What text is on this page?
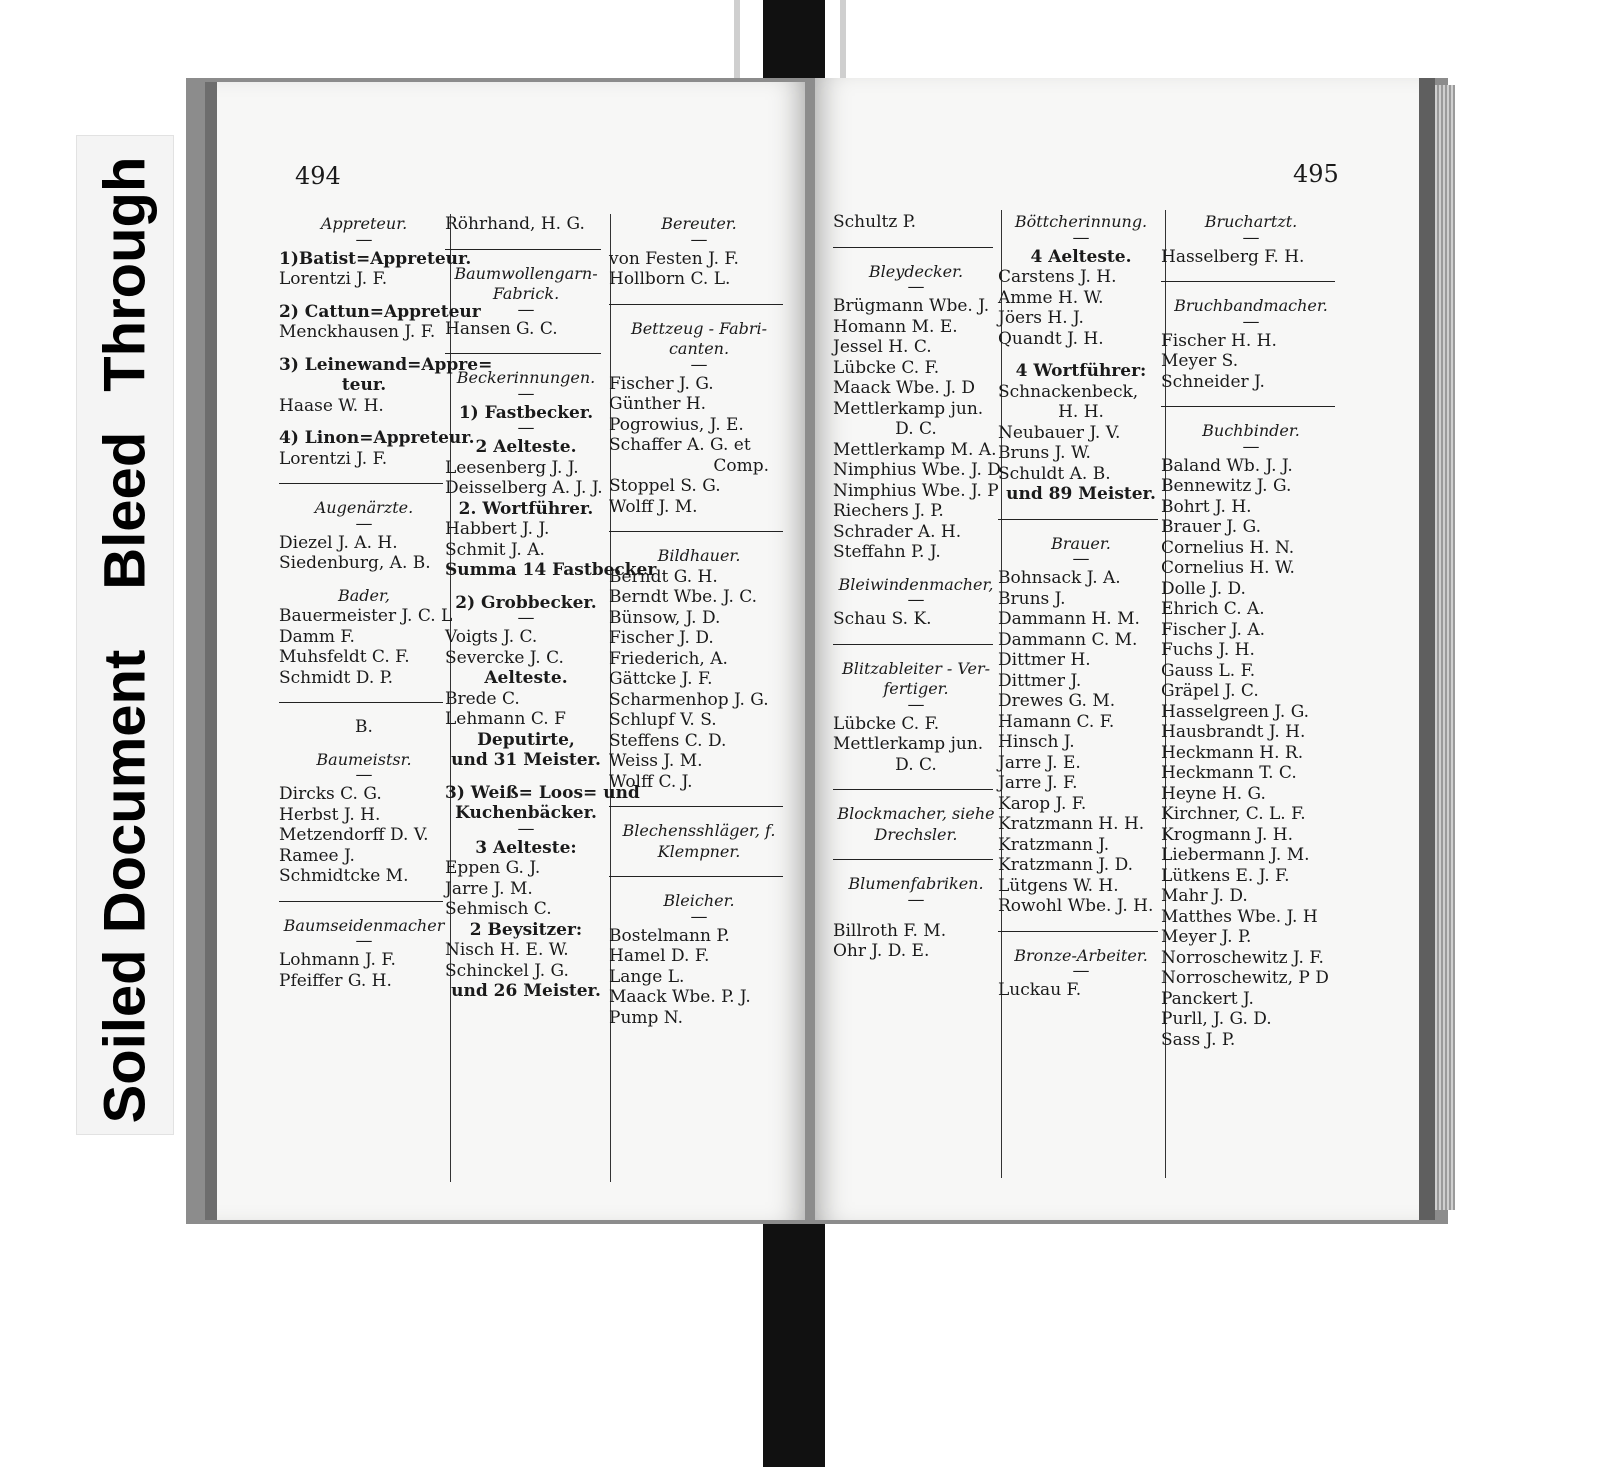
Soiled DocumentBleedThrough	494
Appreteur.
—
1)Batist=Appreteur.
Lorentzi J. F.
2) Cattun=Appreteur
Menckhausen J. F.
3) Leinewand=Appre=
teur.
Haase W. H.
4) Linon=Appreteur.
Lorentzi J. F.
Augenärzte.
—
Diezel J. A. H.
Siedenburg, A. B.
Bader,
Bauermeister J. C. L
Damm F.
Muhsfeldt C. F.
Schmidt D. P.
B.
Baumeistsr.
—
Dircks C. G.
Herbst J. H.
Metzendorff D. V.
Ramee J.
Schmidtcke M.
Baumseidenmacher
—
Lohmann J. F.
Pfeiffer G. H.
Röhrhand, H. G.
Baumwollengarn-
Fabrick.
—
Hansen G. C.
Beckerinnungen.
—
1) Fastbecker.
—
2 Aelteste.
Leesenberg J. J.
Deisselberg A. J. J.
2. Wortführer.
Habbert J. J.
Schmit J. A.
Summa 14 Fastbecker
2) Grobbecker.
—
Voigts J. C.
Severcke J. C.
Aelteste.
Brede C.
Lehmann C. F
Deputirte,
und 31 Meister.
3) Weiß= Loos= und
Kuchenbäcker.
—
3 Aelteste:
Eppen G. J.
Jarre J. M.
Sehmisch C.
2 Beysitzer:
Nisch H. E. W.
Schinckel J. G.
und 26 Meister.
Bereuter.
—
von Festen J. F.
Hollborn C. L.
Bettzeug - Fabri-
canten.
—
Fischer J. G.
Günther H.
Pogrowius, J. E.
Schaffer A. G. et
Comp.
Stoppel S. G.
Wolff J. M.
Bildhauer.
Berndt G. H.
Berndt Wbe. J. C.
Bünsow, J. D.
Fischer J. D.
Friederich, A.
Gättcke J. F.
Scharmenhop J. G.
Schlupf V. S.
Steffens C. D.
Weiss J. M.
Wolff C. J.
Blechensshläger, f.
Klempner.
Bleicher.
—
Bostelmann P.
Hamel D. F.
Lange L.
Maack Wbe. P. J.
Pump N.
495
Schultz P.
Bleydecker.
—
Brügmann Wbe. J.
Homann M. E.
Jessel H. C.
Lübcke C. F.
Maack Wbe. J. D
Mettlerkamp jun.
D. C.
Mettlerkamp M. A.
Nimphius Wbe. J. D
Nimphius Wbe. J. P
Riechers J. P.
Schrader A. H.
Steffahn P. J.
Bleiwindenmacher,
—
Schau S. K.
Blitzableiter - Ver-
fertiger.
—
Lübcke C. F.
Mettlerkamp jun.
D. C.
Blockmacher, siehe
Drechsler.
Blumenfabriken.
—
Billroth F. M.
Ohr J. D. E.
Böttcherinnung.
—
4 Aelteste.
Carstens J. H.
Amme H. W.
Jöers H. J.
Quandt J. H.
4 Wortführer:
Schnackenbeck,
H. H.
Neubauer J. V.
Bruns J. W.
Schuldt A. B.
und 89 Meister.
Brauer.
—
Bohnsack J. A.
Bruns J.
Dammann H. M.
Dammann C. M.
Dittmer H.
Dittmer J.
Drewes G. M.
Hamann C. F.
Hinsch J.
Jarre J. E.
Jarre J. F.
Karop J. F.
Kratzmann H. H.
Kratzmann J.
Kratzmann J. D.
Lütgens W. H.
Rowohl Wbe. J. H.
Bronze-Arbeiter.
—
Luckau F.
Bruchartzt.
—
Hasselberg F. H.
Bruchbandmacher.
—
Fischer H. H.
Meyer S.
Schneider J.
Buchbinder.
—
Baland Wb. J. J.
Bennewitz J. G.
Bohrt J. H.
Brauer J. G.
Cornelius H. N.
Cornelius H. W.
Dolle J. D.
Ehrich C. A.
Fischer J. A.
Fuchs J. H.
Gauss L. F.
Gräpel J. C.
Hasselgreen J. G.
Hausbrandt J. H.
Heckmann H. R.
Heckmann T. C.
Heyne H. G.
Kirchner, C. L. F.
Krogmann J. H.
Liebermann J. M.
Lütkens E. J. F.
Mahr J. D.
Matthes Wbe. J. H
Meyer J. P.
Norroschewitz J. F.
Norroschewitz, P D
Panckert J.
Purll, J. G. D.
Sass J. P.
